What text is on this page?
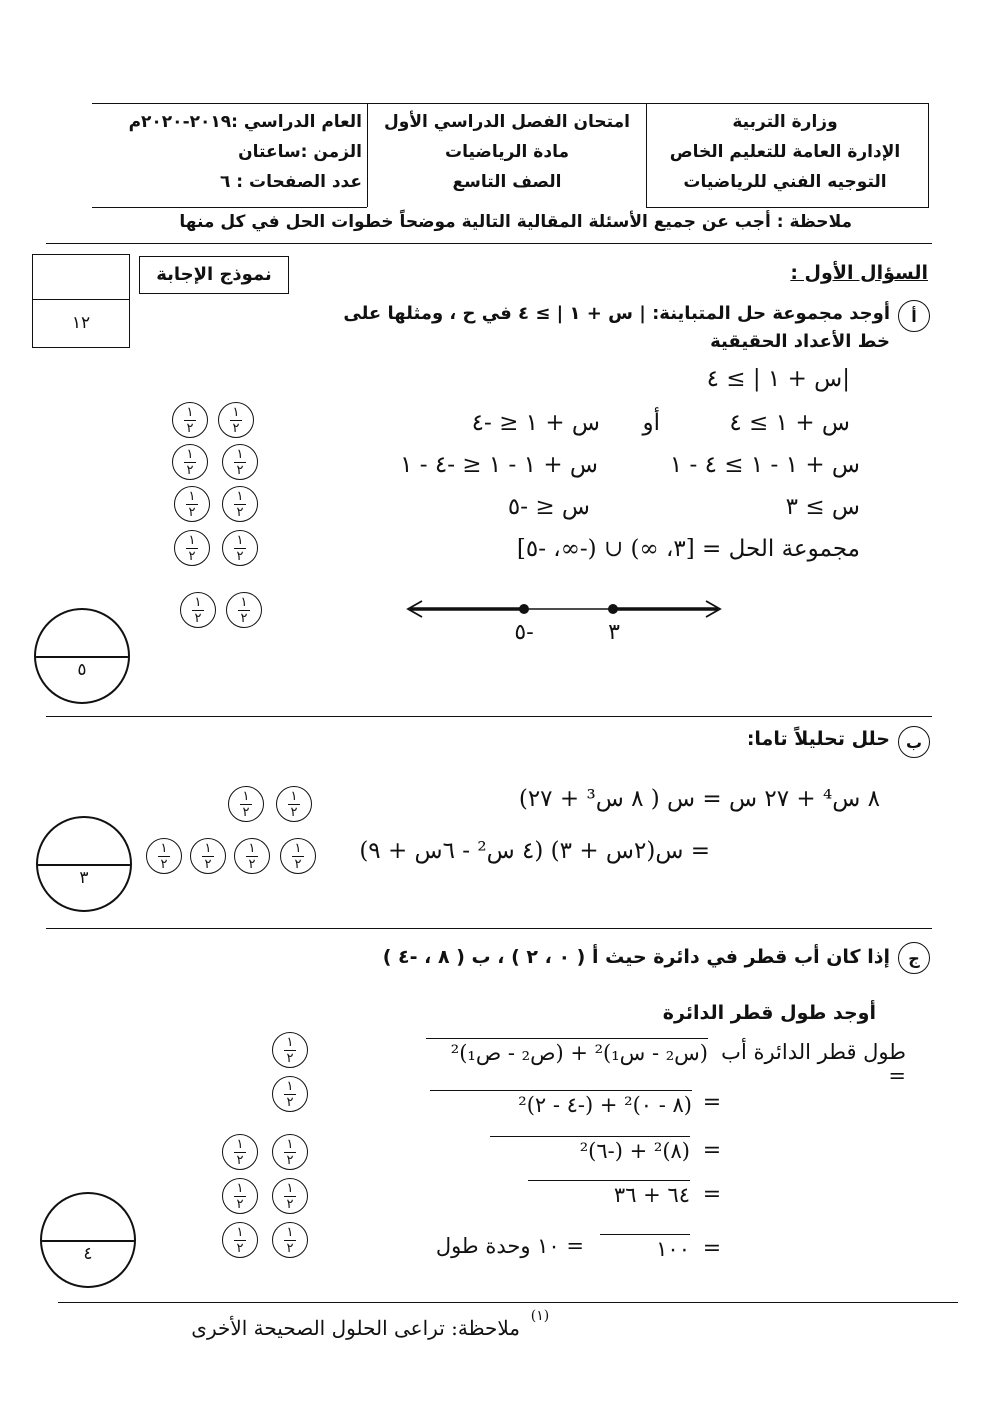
وزارة التربية
الإدارة العامة للتعليم الخاص
التوجيه الفني للرياضيات
امتحان الفصل الدراسي الأول
مادة الرياضيات
الصف التاسع
العام الدراسي :٢٠١٩-٢٠٢٠م
الزمن :ساعتان
عدد الصفحات : ٦
ملاحظة : أجب عن جميع الأسئلة المقالية التالية موضحاً خطوات الحل في كل منها
١٢
نموذج الإجابة	السؤال الأول :
أ
أوجد مجموعة حل المتباينة: | س + ١ | ≥ ٤ في ح ، ومثلها على
خط الأعداد الحقيقية
|س + ١ | ≥ ٤
س + ١ ≥ ٤
أو
س + ١ ≤ -٤
س + ١ - ١ ≥ ٤ - ١
س + ١ - ١ ≤ -٤ - ١
س ≥ ٣
س ≤ -٥
مجموعة الحل = [٣، ∞) ∪ (-∞، -٥]
٣
-٥
$\frac{١}{٢}$	$\frac{١}{٢}$
$\frac{١}{٢}$	$\frac{١}{٢}$
$\frac{١}{٢}$	$\frac{١}{٢}$
$\frac{١}{٢}$	$\frac{١}{٢}$
$\frac{١}{٢}$	$\frac{١}{٢}$
٥
ب
حلل تحليلاً تاما:
٨ س⁴ + ٢٧ س = س ( ٨ س³ + ٢٧)
= س(٢س + ٣) (٤ س² - ٦س + ٩)
$\frac{١}{٢}$	$\frac{١}{٢}$
$\frac{١}{٢} \frac{١}{٢} \frac{١}{٢}$	$\frac{١}{٢}$
٣
ج
إذا كان أب قطر في دائرة حيث أ ( ٠ ، ٢ ) ، ب ( ٨ ، -٤ )
أوجد طول قطر الدائرة
طول قطر الدائرة أب =
(س₂ - س₁)² + (ص₂ - ص₁)²
=
(٨ - ٠)² + (-٤ - ٢)²
=
(٨)² + (-٦)²
=
٦٤ + ٣٦
=
١٠٠
= ١٠ وحدة طول
$\frac{١}{٢}$
$\frac{١}{٢}$
$\frac{١}{٢}$	$\frac{١}{٢}$
$\frac{١}{٢}$	$\frac{١}{٢}$
$\frac{١}{٢}$	$\frac{١}{٢}$
٤
ملاحظة: تراعى الحلول الصحيحة الأخرى (١)
